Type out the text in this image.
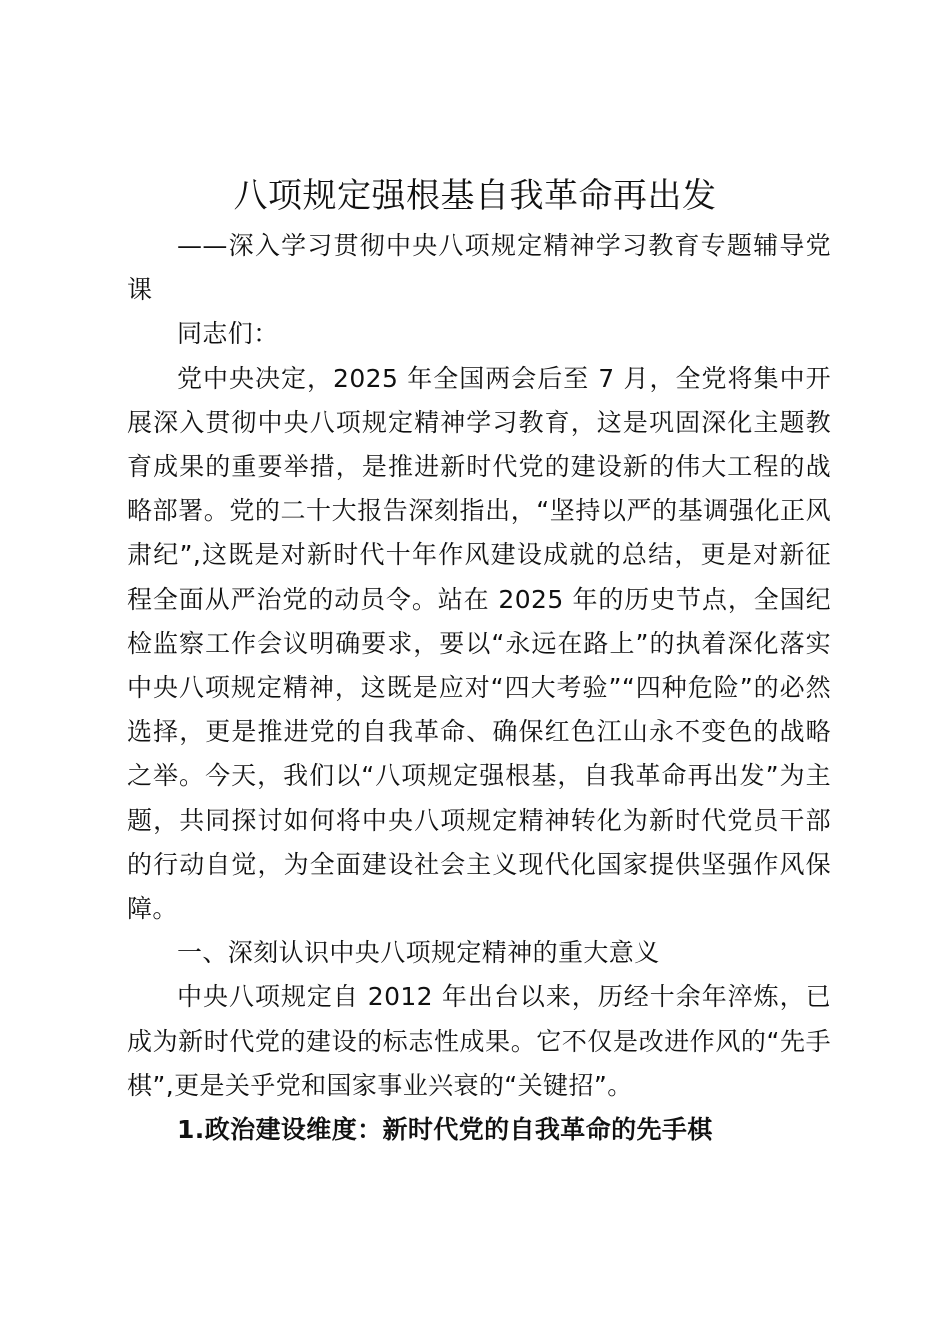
八项规定强根基自我革命再出发

——深入学习贯彻中央八项规定精神学习教育专题辅导党课

同志们：

党中央决定，2025 年全国两会后至 7 月，全党将集中开展深入贯彻中央八项规定精神学习教育，这是巩固深化主题教育成果的重要举措，是推进新时代党的建设新的伟大工程的战略部署。党的二十大报告深刻指出，“坚持以严的基调强化正风肃纪”,这既是对新时代十年作风建设成就的总结，更是对新征程全面从严治党的动员令。站在 2025 年的历史节点，全国纪检监察工作会议明确要求，要以“永远在路上”的执着深化落实中央八项规定精神，这既是应对“四大考验”“四种危险”的必然选择，更是推进党的自我革命、确保红色江山永不变色的战略之举。今天，我们以“八项规定强根基，自我革命再出发”为主题，共同探讨如何将中央八项规定精神转化为新时代党员干部的行动自觉，为全面建设社会主义现代化国家提供坚强作风保障。

一、深刻认识中央八项规定精神的重大意义

中央八项规定自 2012 年出台以来，历经十余年淬炼，已成为新时代党的建设的标志性成果。它不仅是改进作风的“先手棋”,更是关乎党和国家事业兴衰的“关键招”。

1.政治建设维度：新时代党的自我革命的先手棋
